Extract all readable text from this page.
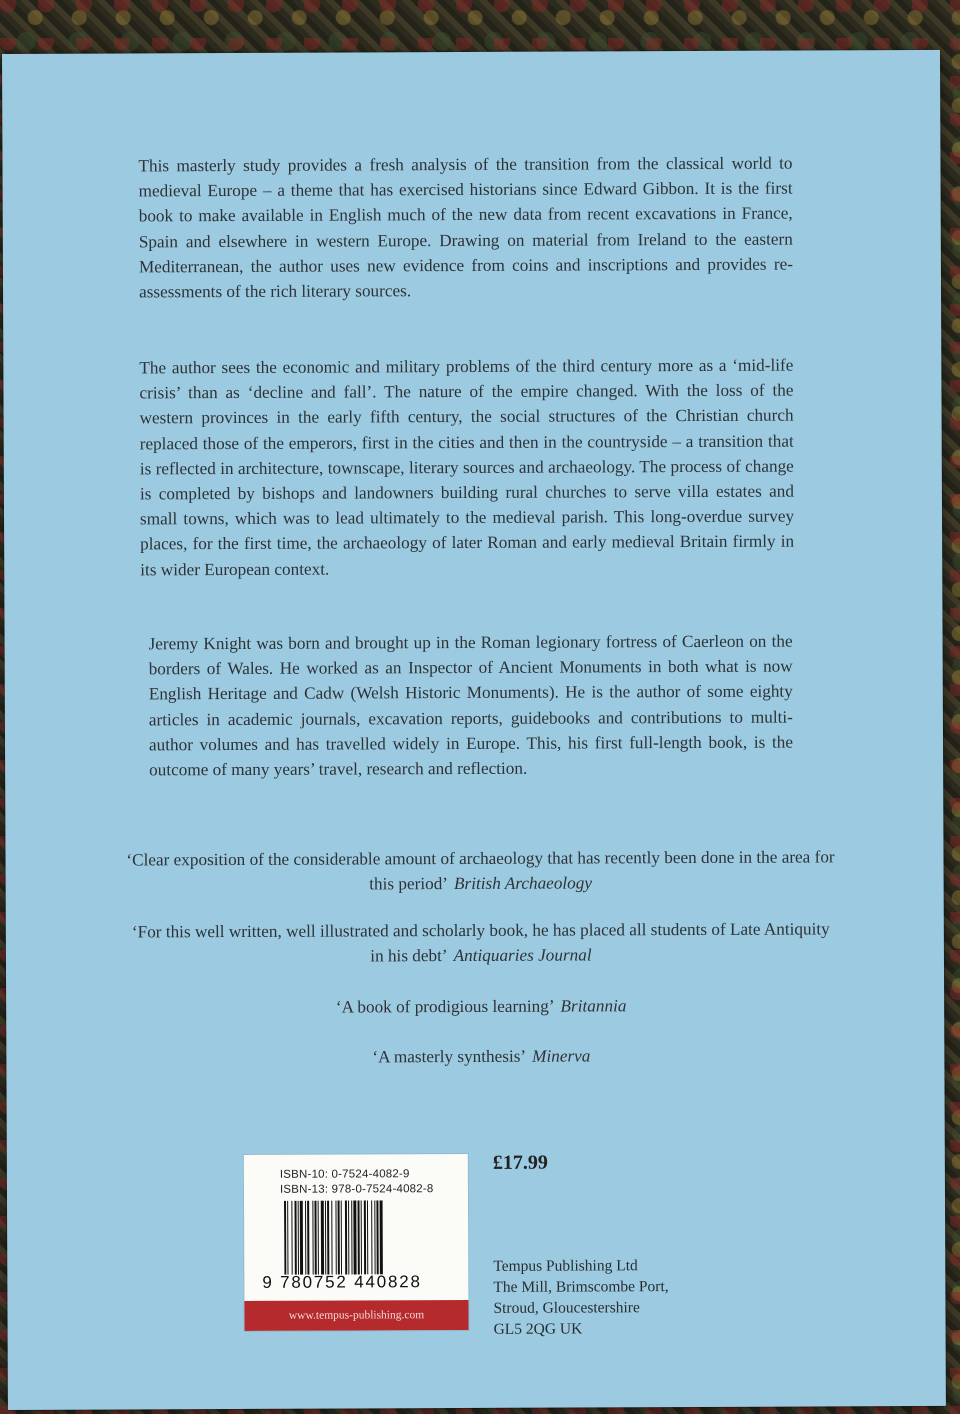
This masterly study provides a fresh analysis of the transition from the classical world to medieval Europe – a theme that has exercised historians since Edward Gibbon. It is the first book to make available in English much of the new data from recent excavations in France, Spain and elsewhere in western Europe. Drawing on material from Ireland to the eastern Mediterranean, the author uses new evidence from coins and inscriptions and provides re-assessments of the rich literary sources.

The author sees the economic and military problems of the third century more as a ‘mid-life crisis’ than as ‘decline and fall’. The nature of the empire changed. With the loss of the western provinces in the early fifth century, the social structures of the Christian church replaced those of the emperors, first in the cities and then in the countryside – a transition that is reflected in architecture, townscape, literary sources and archaeology. The process of change is completed by bishops and landowners building rural churches to serve villa estates and small towns, which was to lead ultimately to the medieval parish. This long-overdue survey places, for the first time, the archaeology of later Roman and early medieval Britain firmly in its wider European context.

Jeremy Knight was born and brought up in the Roman legionary fortress of Caerleon on the borders of Wales. He worked as an Inspector of Ancient Monuments in both what is now English Heritage and Cadw (Welsh Historic Monuments). He is the author of some eighty articles in academic journals, excavation reports, guidebooks and contributions to multi-author volumes and has travelled widely in Europe. This, his first full-length book, is the outcome of many years’ travel, research and reflection.

‘Clear exposition of the considerable amount of archaeology that has recently been done in the area for this period’ British Archaeology

‘For this well written, well illustrated and scholarly book, he has placed all students of Late Antiquity in his debt’ Antiquaries Journal

‘A book of prodigious learning’ Britannia

‘A masterly synthesis’ Minerva

ISBN-10: 0-7524-4082-9
ISBN-13: 978-0-7524-4082-8
9 780752 440828
www.tempus-publishing.com
£17.99
Tempus Publishing Ltd
The Mill, Brimscombe Port,
Stroud, Gloucestershire
GL5 2QG UK
